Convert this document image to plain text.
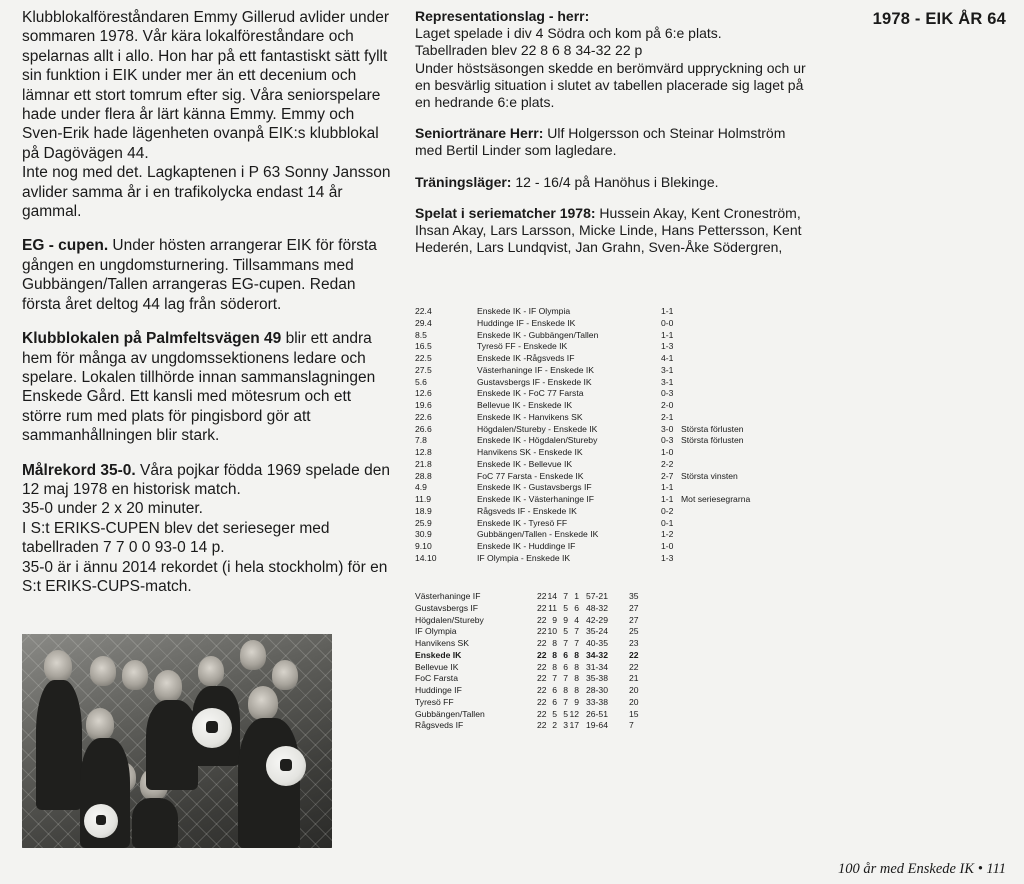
1978 - EIK ÅR 64

Klubblokalföreståndaren Emmy Gillerud avlider under sommaren 1978. Vår kära lokalföreståndare och spelarnas allt i allo. Hon har på ett fantastiskt sätt fyllt sin funktion i EIK under mer än ett decenium och lämnar ett stort tomrum efter sig. Våra seniorspelare hade under flera år lärt känna Emmy. Emmy och Sven-Erik hade lägenheten ovanpå EIK:s klubblokal på Dagövägen 44.

Inte nog med det. Lagkaptenen i P 63 Sonny Jansson avlider samma år i en trafikolycka endast 14 år gammal.

EG - cupen. Under hösten arrangerar EIK för första gången en ungdomsturnering. Tillsammans med Gubbängen/Tallen arrangeras EG-cupen. Redan första året deltog 44 lag från söderort.

Klubblokalen på Palmfeltsvägen 49 blir ett andra hem för många av ungdomssektionens ledare och spelare. Lokalen tillhörde innan sammanslagningen Enskede Gård. Ett kansli med mötesrum och ett större rum med plats för pingisbord gör att sammanhållningen blir stark.

Målrekord 35-0. Våra pojkar födda 1969 spelade den 12 maj 1978 en historisk match.

35-0 under 2 x 20 minuter.

I S:t ERIKS-CUPEN blev det serieseger med tabellraden 7 7 0 0 93-0 14 p.

35-0 är i ännu 2014 rekordet (i hela stockholm) för en S:t ERIKS-CUPS-match.

Representationslag - herr:
Laget spelade i div 4 Södra och kom på 6:e plats.
Tabellraden blev 22 8 6 8 34-32 22 p
Under höstsäsongen skedde en berömvärd uppryckning och ur en besvärlig situation i slutet av tabellen placerade sig laget på en hedrande 6:e plats.

Seniortränare Herr: Ulf Holgersson och Steinar Holmström med Bertil Linder som lagledare.

Träningsläger: 12 - 16/4 på Hanöhus i Blekinge.

Spelat i seriematcher 1978: Hussein Akay, Kent Croneström, Ihsan Akay, Lars Larsson, Micke Linde, Hans Pettersson, Kent Hederén, Lars Lundqvist, Jan Grahn, Sven-Åke Södergren,

22.4	Enskede IK - IF Olympia	1-1
29.4	Huddinge IF - Enskede IK	0-0
8.5	Enskede IK - Gubbängen/Tallen	1-1
16.5	Tyresö FF - Enskede IK	1-3
22.5	Enskede IK -Rågsveds IF	4-1
27.5	Västerhaninge IF - Enskede IK	3-1
5.6	Gustavsbergs IF - Enskede IK	3-1
12.6	Enskede IK - FoC 77 Farsta	0-3
19.6	Bellevue IK - Enskede IK	2-0
22.6	Enskede IK - Hanvikens SK	2-1
26.6	Högdalen/Stureby - Enskede IK	3-0 Största förlusten
7.8	Enskede IK - Högdalen/Stureby	0-3 Största förlusten
12.8	Hanvikens SK - Enskede IK	1-0
21.8	Enskede IK - Bellevue IK	2-2
28.8	FoC 77 Farsta - Enskede IK	2-7 Största vinsten
4.9	Enskede IK - Gustavsbergs IF	1-1
11.9	Enskede IK - Västerhaninge IF	1-1 Mot seriesegrarna
18.9	Rågsveds IF - Enskede IK	0-2
25.9	Enskede IK - Tyresö FF	0-1
30.9	Gubbängen/Tallen - Enskede IK	1-2
9.10	Enskede IK - Huddinge IF	1-0
14.10	IF Olympia - Enskede IK	1-3
Västerhaninge IF	22 14 7 1 57-21 35
Gustavsbergs IF	22 11 5 6 48-32 27
Högdalen/Stureby	22 9 9 4 42-29 27
IF Olympia	22 10 5 7 35-24 25
Hanvikens SK	22 8 7 7 40-35 23
Enskede IK	22 8 6 8 34-32 22
Bellevue IK	22 8 6 8 31-34 22
FoC Farsta	22 7 7 8 35-38 21
Huddinge IF	22 6 8 8 28-30 20
Tyresö FF	22 6 7 9 33-38 20
Gubbängen/Tallen	22 5 5 12 26-51 15
Rågsveds IF	22 2 3 17 19-64 7
100 år med Enskede IK • 111
